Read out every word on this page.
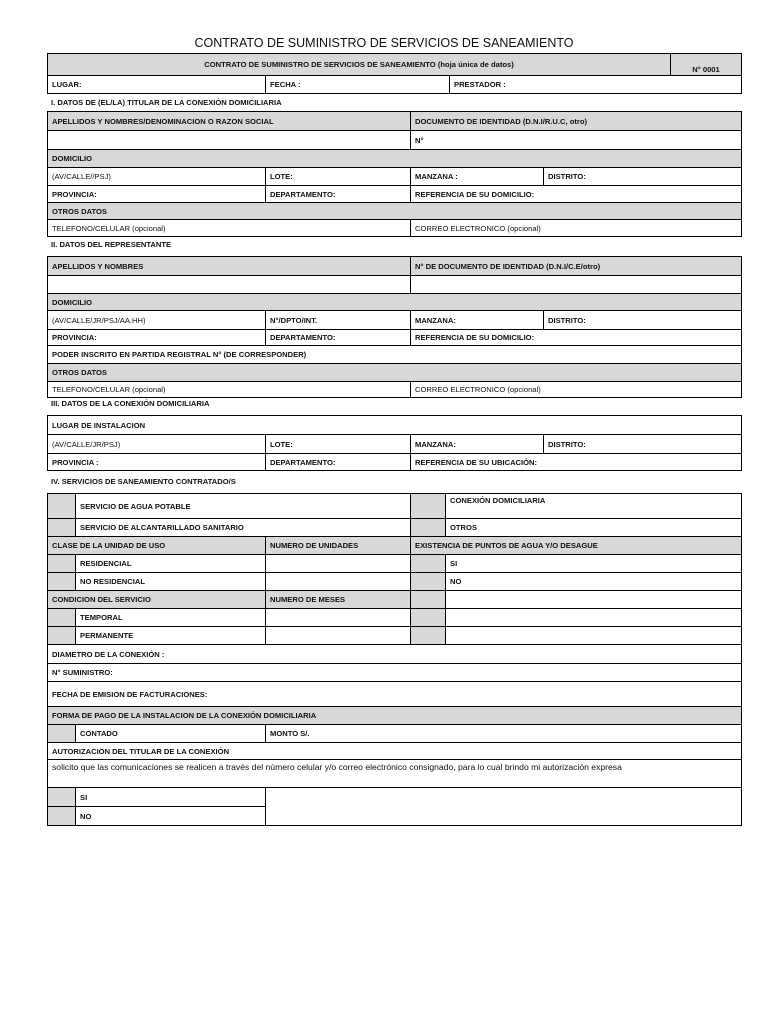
CONTRATO DE SUMINISTRO DE SERVICIOS DE SANEAMIENTO
CONTRATO DE SUMINISTRO DE SERVICIOS DE SANEAMIENTO (hoja única de datos)			N° 0001
LUGAR:	FECHA :	PRESTADOR :	
I. DATOS DE (EL/LA) TITULAR DE LA CONEXIÓN DOMICILIARIA
APELLIDOS Y NOMBRES/DENOMINACION O RAZON SOCIAL		DOCUMENTO DE IDENTIDAD (D.N.I/R.U.C, otro)	
		N°	
DOMICILIO			
(AV/CALLE//PSJ)	LOTE:	MANZANA :	DISTRITO:
PROVINCIA:	DEPARTAMENTO:	REFERENCIA DE SU DOMICILIO:	
OTROS DATOS			
TELEFONO/CELULAR (opcional)		CORREO ELECTRONICO (opcional)	
II. DATOS DEL REPRESENTANTE
APELLIDOS Y NOMBRES		N° DE DOCUMENTO DE IDENTIDAD (D.N.I/C.E/otro)	

DOMICILIO			
(AV/CALLE/JR/PSJ/AA.HH)	N°/DPTO/INT.	MANZANA:	DISTRITO:
PROVINCIA:	DEPARTAMENTO:	REFERENCIA DE SU DOMICILIO:	
PODER INSCRITO EN PARTIDA REGISTRAL N° (DE CORRESPONDER)			
OTROS DATOS			
TELEFONO/CELULAR (opcional)		CORREO ELECTRONICO (opcional)	
III. DATOS DE LA CONEXIÓN DOMICILIARIA
LUGAR DE INSTALACION			
(AV/CALLE/JR/PSJ)	LOTE:	MANZANA:	DISTRITO:
PROVINCIA :	DEPARTAMENTO:	REFERENCIA DE SU UBICACIÓN:	
IV. SERVICIOS DE SANEAMIENTO CONTRATADO/S
	SERVICIO DE AGUA POTABLE			CONEXIÓN DOMICILIARIA
	SERVICIO DE ALCANTARILLADO SANITARIO			OTROS
CLASE DE LA UNIDAD DE USO		NUMERO DE UNIDADES	EXISTENCIA DE PUNTOS DE AGUA Y/O DESAGUE	
	RESIDENCIAL			SI
	NO RESIDENCIAL			NO
CONDICION DEL SERVICIO		NUMERO DE MESES		
	TEMPORAL			
	PERMANENTE			
DIAMETRO DE LA CONEXIÓN :				
N° SUMINISTRO:				
FECHA DE EMISION DE FACTURACIONES:				
FORMA DE PAGO DE LA INSTALACION DE LA CONEXIÓN DOMICILIARIA				
	CONTADO	MONTO S/.		
AUTORIZACION DEL TITULAR DE LA CONEXIÓN				
solicito que las comunicaciones se realicen a través del número celular y/o correo electrónico consignado, para lo cual brindo mi autorización expresa				
	SI			
	NO			
